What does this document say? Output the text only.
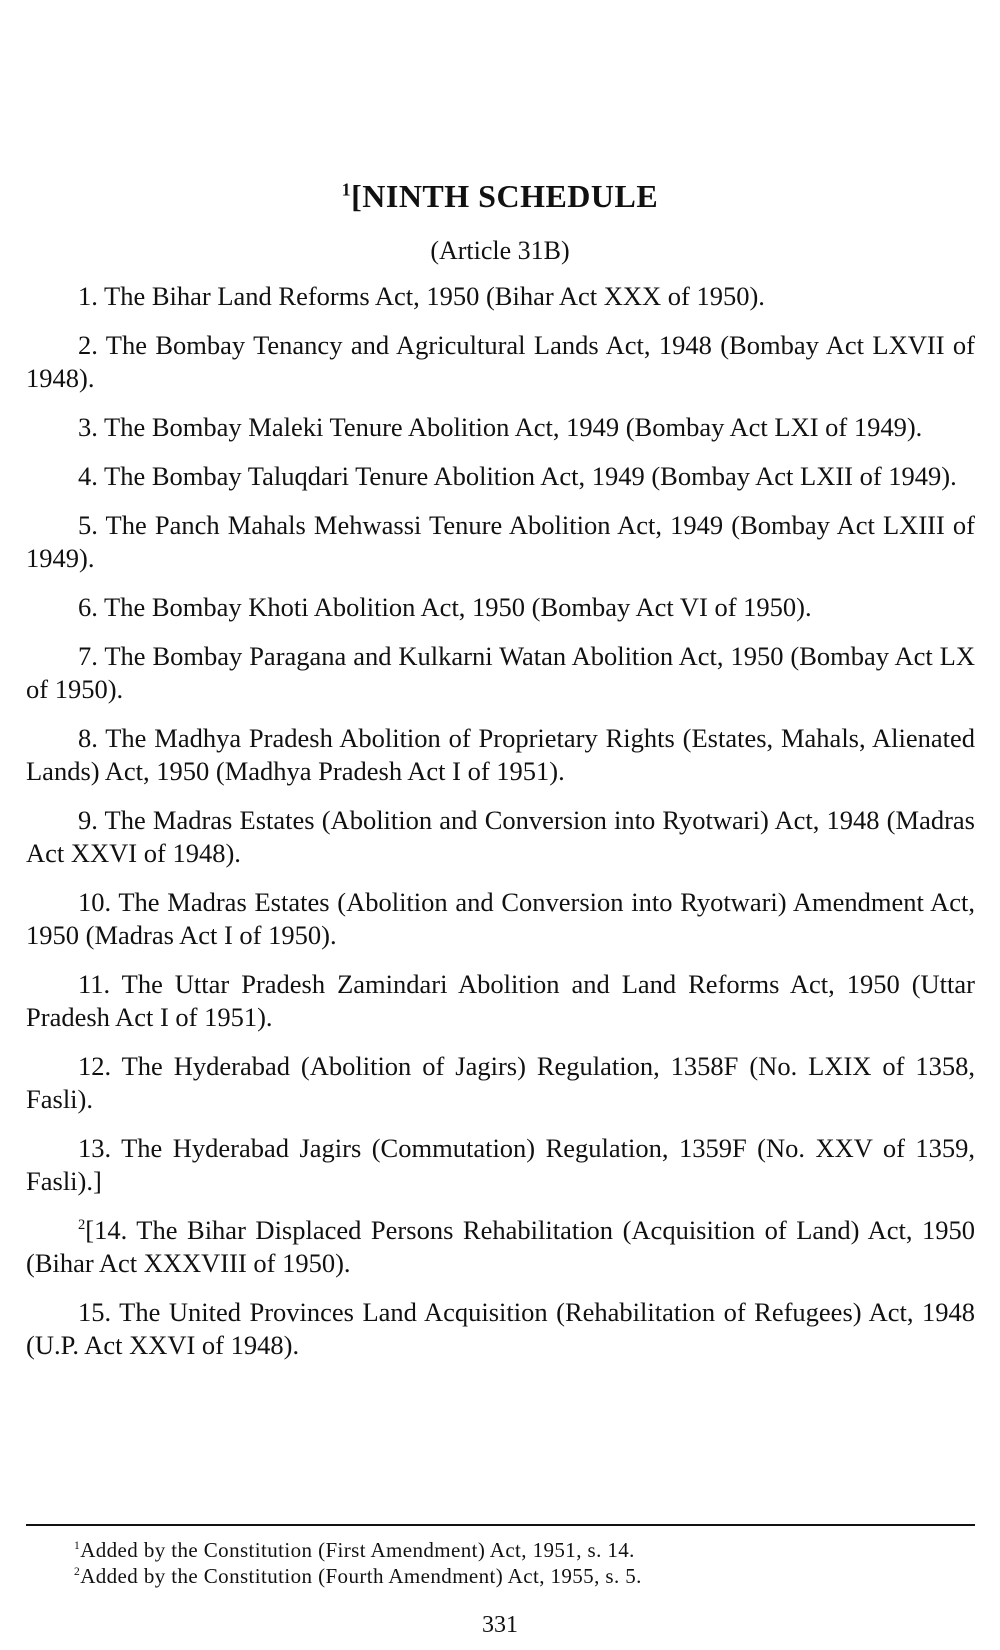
$^1$[NINTH SCHEDULE
(Article 31B)

1. The Bihar Land Reforms Act, 1950 (Bihar Act XXX of 1950).

2. The Bombay Tenancy and Agricultural Lands Act, 1948 (Bombay Act LXVII of 1948).

3. The Bombay Maleki Tenure Abolition Act, 1949 (Bombay Act LXI of 1949).

4. The Bombay Taluqdari Tenure Abolition Act, 1949 (Bombay Act LXII of 1949).

5. The Panch Mahals Mehwassi Tenure Abolition Act, 1949 (Bombay Act LXIII of 1949).

6. The Bombay Khoti Abolition Act, 1950 (Bombay Act VI of 1950).

7. The Bombay Paragana and Kulkarni Watan Abolition Act, 1950 (Bombay Act LX of 1950).

8. The Madhya Pradesh Abolition of Proprietary Rights (Estates, Mahals, Alienated Lands) Act, 1950 (Madhya Pradesh Act I of 1951).

9. The Madras Estates (Abolition and Conversion into Ryotwari) Act, 1948 (Madras Act XXVI of 1948).

10. The Madras Estates (Abolition and Conversion into Ryotwari) Amendment Act, 1950 (Madras Act I of 1950).

11. The Uttar Pradesh Zamindari Abolition and Land Reforms Act, 1950 (Uttar Pradesh Act I of 1951).

12. The Hyderabad (Abolition of Jagirs) Regulation, 1358F (No. LXIX of 1358, Fasli).

13. The Hyderabad Jagirs (Commutation) Regulation, 1359F (No. XXV of 1359, Fasli).]

$^2$[14. The Bihar Displaced Persons Rehabilitation (Acquisition of Land) Act, 1950 (Bihar Act XXXVIII of 1950).

15. The United Provinces Land Acquisition (Rehabilitation of Refugees) Act, 1948 (U.P. Act XXVI of 1948).

$^1$Added by the Constitution (First Amendment) Act, 1951, s. 14.

$^2$Added by the Constitution (Fourth Amendment) Act, 1955, s. 5.

331
